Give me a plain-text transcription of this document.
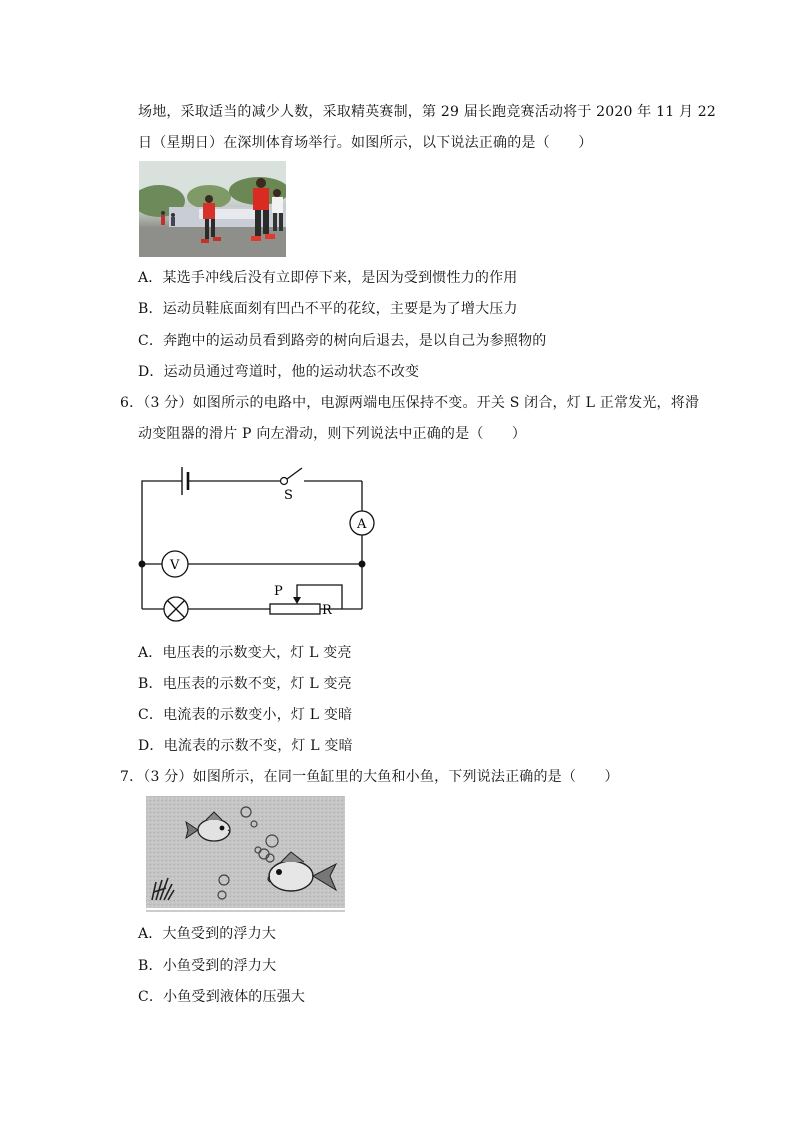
场地，采取适当的减少人数，采取精英赛制，第 29 届长跑竞赛活动将于 2020 年 11 月 22
日（星期日）在深圳体育场举行。如图所示，以下说法正确的是（　　）
A．某选手冲线后没有立即停下来，是因为受到惯性力的作用
B．运动员鞋底面刻有凹凸不平的花纹，主要是为了增大压力
C．奔跑中的运动员看到路旁的树向后退去，是以自己为参照物的
D．运动员通过弯道时，他的运动状态不改变
6．（3 分）如图所示的电路中，电源两端电压保持不变。开关 S 闭合，灯 L 正常发光，将滑
动变阻器的滑片 P 向左滑动，则下列说法中正确的是（　　）
S
A
V
P
R
A．电压表的示数变大，灯 L 变亮
B．电压表的示数不变，灯 L 变亮
C．电流表的示数变小，灯 L 变暗
D．电流表的示数不变，灯 L 变暗
7．（3 分）如图所示，在同一鱼缸里的大鱼和小鱼，下列说法正确的是（　　）
A．大鱼受到的浮力大
B．小鱼受到的浮力大
C．小鱼受到液体的压强大
